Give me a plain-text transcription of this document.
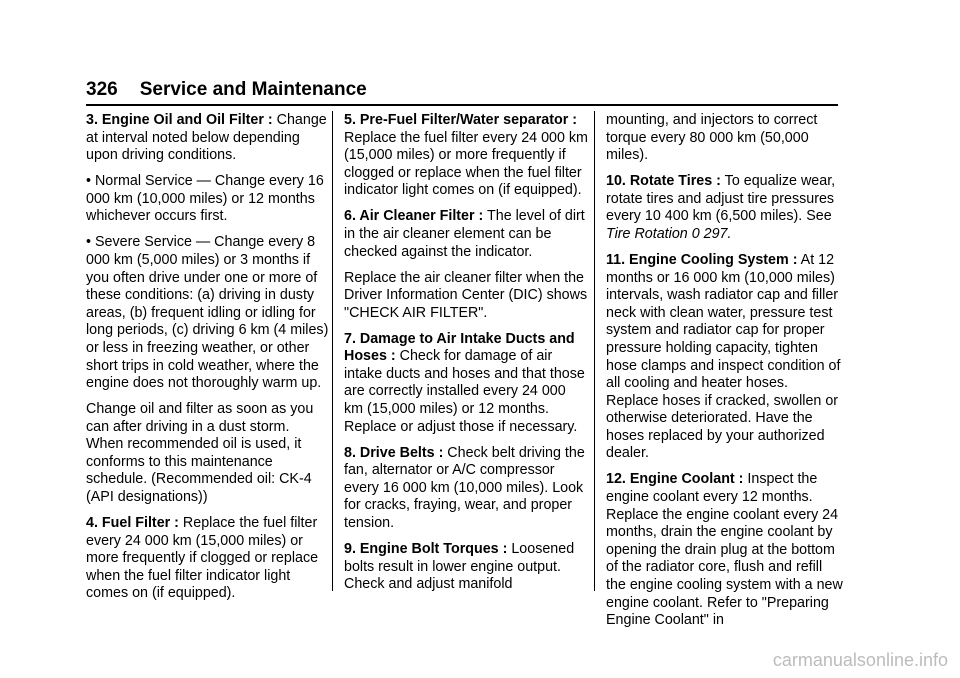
326 Service and Maintenance

3. Engine Oil and Oil Filter : Change at interval noted below depending upon driving conditions.

• Normal Service — Change every 16 000 km (10,000 miles) or 12 months whichever occurs first.

• Severe Service — Change every 8 000 km (5,000 miles) or 3 months if you often drive under one or more of these conditions: (a) driving in dusty areas, (b) frequent idling or idling for long periods, (c) driving 6 km (4 miles) or less in freezing weather, or other short trips in cold weather, where the engine does not thoroughly warm up.

Change oil and filter as soon as you can after driving in a dust storm. When recommended oil is used, it conforms to this maintenance schedule. (Recommended oil: CK-4 (API designations))

4. Fuel Filter : Replace the fuel filter every 24 000 km (15,000 miles) or more frequently if clogged or replace when the fuel filter indicator light comes on (if equipped).

5. Pre-Fuel Filter/Water separator : Replace the fuel filter every 24 000 km (15,000 miles) or more frequently if clogged or replace when the fuel filter indicator light comes on (if equipped).

6. Air Cleaner Filter : The level of dirt in the air cleaner element can be checked against the indicator.

Replace the air cleaner filter when the Driver Information Center (DIC) shows "CHECK AIR FILTER".

7. Damage to Air Intake Ducts and Hoses : Check for damage of air intake ducts and hoses and that those are correctly installed every 24 000 km (15,000 miles) or 12 months. Replace or adjust those if necessary.

8. Drive Belts : Check belt driving the fan, alternator or A/C compressor every 16 000 km (10,000 miles). Look for cracks, fraying, wear, and proper tension.

9. Engine Bolt Torques : Loosened bolts result in lower engine output. Check and adjust manifold

mounting, and injectors to correct torque every 80 000 km (50,000 miles).

10. Rotate Tires : To equalize wear, rotate tires and adjust tire pressures every 10 400 km (6,500 miles). See Tire Rotation 0 297.

11. Engine Cooling System : At 12 months or 16 000 km (10,000 miles) intervals, wash radiator cap and filler neck with clean water, pressure test system and radiator cap for proper pressure holding capacity, tighten hose clamps and inspect condition of all cooling and heater hoses. Replace hoses if cracked, swollen or otherwise deteriorated. Have the hoses replaced by your authorized dealer.

12. Engine Coolant : Inspect the engine coolant every 12 months. Replace the engine coolant every 24 months, drain the engine coolant by opening the drain plug at the bottom of the radiator core, flush and refill the engine cooling system with a new engine coolant. Refer to "Preparing Engine Coolant" in

carmanualsonline.info
